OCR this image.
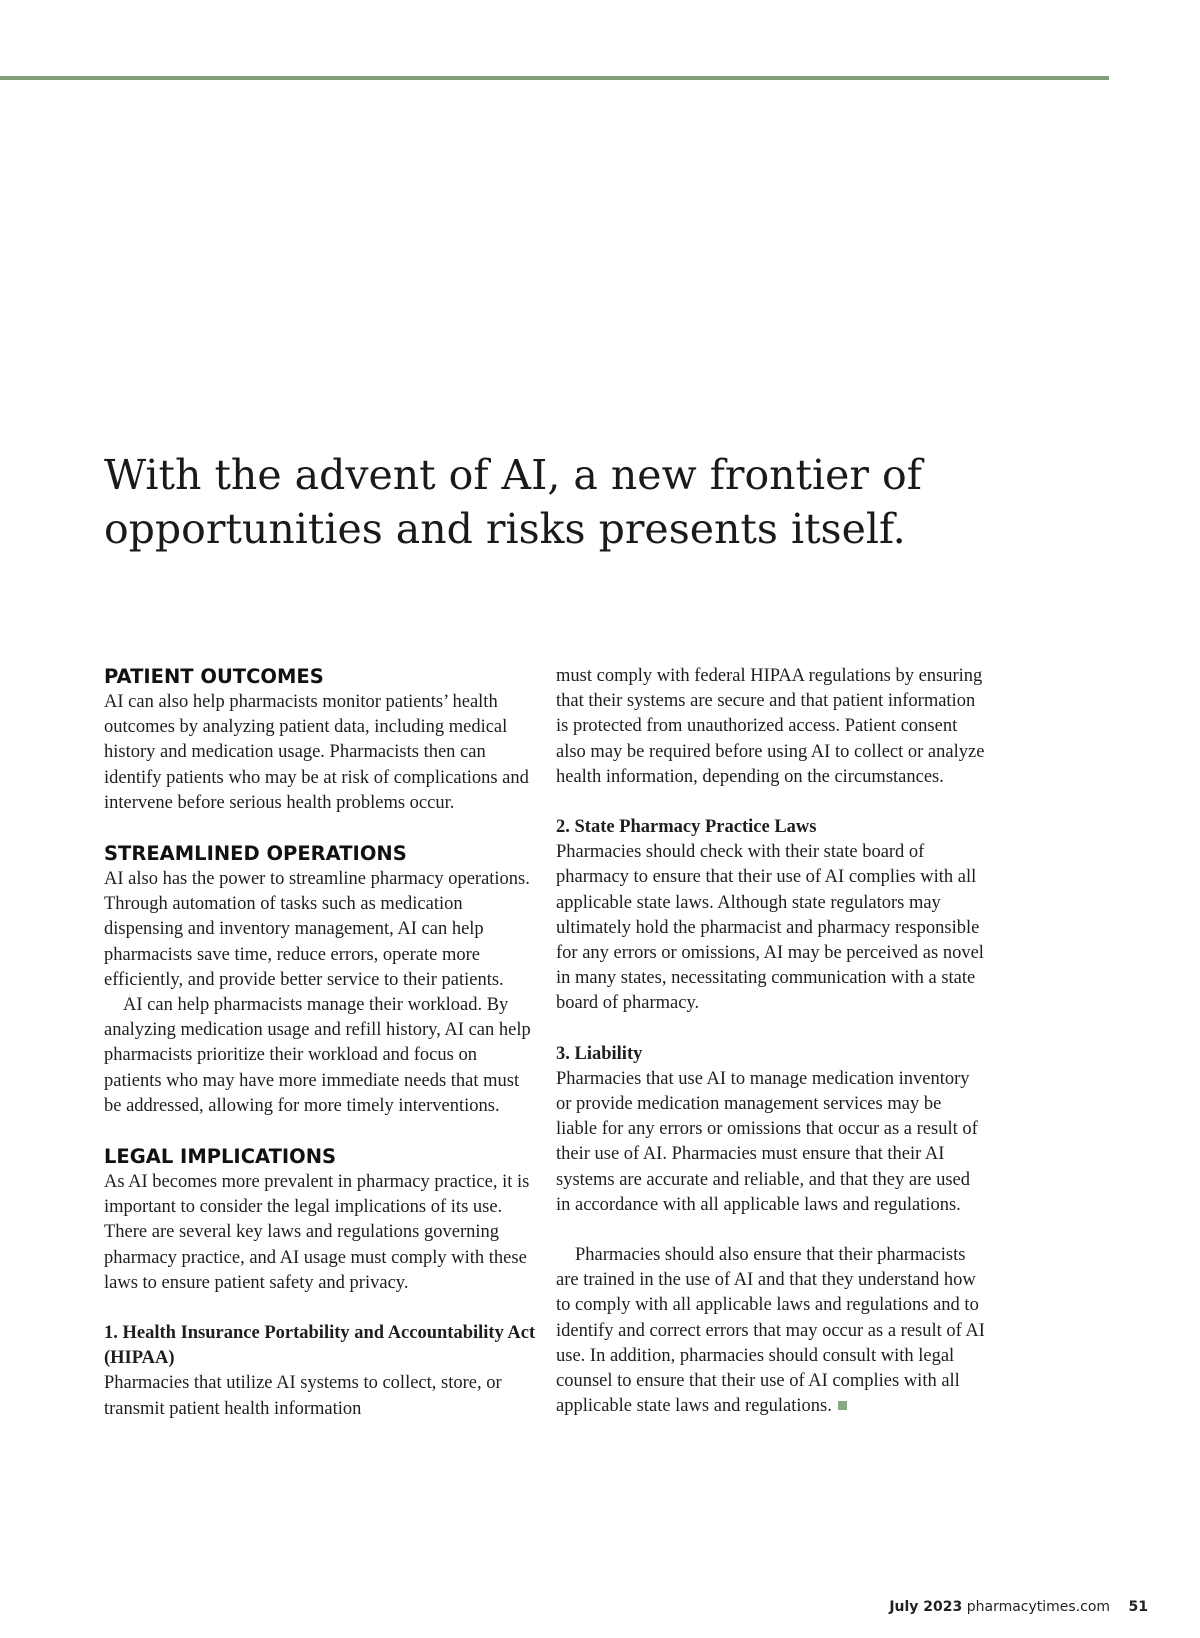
With the advent of AI, a new frontier of opportunities and risks presents itself.
PATIENT OUTCOMES

AI can also help pharmacists monitor patients’ health outcomes by analyzing patient data, including medical history and medication usage. Pharmacists then can identify patients who may be at risk of complications and intervene before serious health problems occur.

STREAMLINED OPERATIONS

AI also has the power to streamline pharmacy operations. Through automation of tasks such as medication dispensing and inventory management, AI can help pharmacists save time, reduce errors, operate more efficiently, and provide better service to their patients.

AI can help pharmacists manage their workload. By analyzing medication usage and refill history, AI can help pharmacists prioritize their workload and focus on patients who may have more immediate needs that must be addressed, allowing for more timely interventions.

LEGAL IMPLICATIONS

As AI becomes more prevalent in pharmacy practice, it is important to consider the legal implications of its use. There are several key laws and regulations governing pharmacy practice, and AI usage must comply with these laws to ensure patient safety and privacy.

1. Health Insurance Portability and Accountability Act (HIPAA)

Pharmacies that utilize AI systems to collect, store, or transmit patient health information

must comply with federal HIPAA regulations by ensuring that their systems are secure and that patient information is protected from unauthorized access. Patient consent also may be required before using AI to collect or analyze health information, depending on the circumstances.

2. State Pharmacy Practice Laws

Pharmacies should check with their state board of pharmacy to ensure that their use of AI complies with all applicable state laws. Although state regulators may ultimately hold the pharmacist and pharmacy responsible for any errors or omissions, AI may be perceived as novel in many states, necessitating communication with a state board of pharmacy.

3. Liability

Pharmacies that use AI to manage medication inventory or provide medication management services may be liable for any errors or omissions that occur as a result of their use of AI. Pharmacies must ensure that their AI systems are accurate and reliable, and that they are used in accordance with all applicable laws and regulations.

Pharmacies should also ensure that their pharmacists are trained in the use of AI and that they understand how to comply with all applicable laws and regulations and to identify and correct errors that may occur as a result of AI use. In addition, pharmacies should consult with legal counsel to ensure that their use of AI complies with all applicable state laws and regulations.

July 2023 pharmacytimes.com 51
